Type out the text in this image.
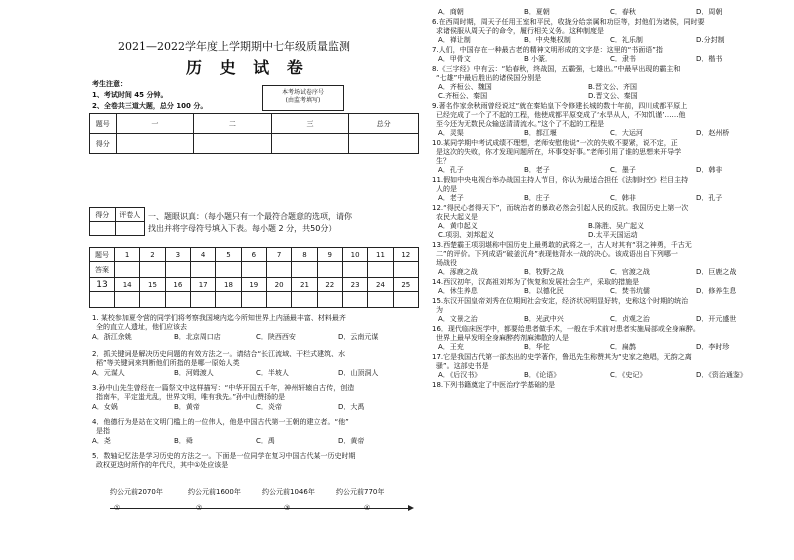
2021—2022学年度上学期期中七年级质量监测
历 史 试 卷
考生注意：
1、考试时间 45 分钟。
2、全卷共三道大题，总分 100 分。
本考场试卷序号
(由监考填写)
题号	一	二	三	总分
得分				
得分	评卷人
	一、题眼识真：（每小题只有一个最符合题意的选项，请你
找出并将字母符号填入下表。每小题 2 分，共50分）
题号	1	2	3	4	5	6	7	8	9	10	11	12
答案												
13	14	15	16	17	18	19	20	21	22	23	24	25

1. 某校参加夏令营的同学们将考察我国境内迄今所知世界上内涵最丰富、材料最齐
全的直立人遗址，他们应该去
A．浙江余姚	B．北京周口店	C．陕西西安	D．云南元谋
2．抓关键词是解决历史问题的有效方法之一。请结合“长江流域、干栏式建筑、水
稻”等关键词来判断他们所指的是哪一原始人类
A．元谋人	B．河姆渡人	C．半坡人	D．山顶洞人
3.孙中山先生曾经在一篇祭文中这样描写：“中华开国五千年，神州轩辕自古传，创造
指南车，平定蚩尤乱，世界文明，唯有我先。”孙中山赞扬的是
A．女娲	B．黄帝	C．炎帝	D．大禹
4．他德行为是站在文明门槛上的一位伟人，他是中国古代第一王朝的建立者。“他”
是指
A．尧	B．舜	C．禹	D．黄帝
5．数轴记忆法是学习历史的方法之一。下面是一位同学在复习中国古代某一历史时期
政权更迭时所作的年代尺，其中①处应该是
约公元前2070年	约公元前1600年	约公元前1046年	约公元前770年
①	②	③	④
A．商朝	B．夏朝	C．春秋	D．周朝
6.在西周时期，周天子任用王室和平民，收拢分给亲属和功臣等，封他们为诸侯，同时要
求诸侯服从周天子的命令，履行相关义务。这种制度是
A．禅让制	B．中央集权制	C．礼乐制	D.分封制
7.人们，中国存在一种最古老的精神文明形成的文字是：这里的“书面语”指
A．甲骨文	B 小篆．	C．隶书	D．楷书
8.《三字经》中有云：“始春秋，终战国，五霸强，七雄出。”中最早出现的霸主和
“七雄”中最后胜出的诸侯国分别是
A．齐桓公、魏国	B.晋文公、齐国
C.齐桓公、秦国	D.晋文公、秦国
9.著名作家余秋雨曾经说过“就在秦始皇下令修建长城的数十年前，四川成都平原上
已经完成了一个了不起的工程，他使成都平原变成了‘水旱从人，不知饥谨’……他
至今还为无数民众输送清清流水。”这个了不起的工程是
A．灵渠	B．都江堰	C．大运河	D．赵州桥
10.某同学期中考试成绩不理想，老师安慰他说“一次的失败不要紧，说不定，正
是这次的失败，你才发现问题所在，坏事变好事。”老师引用了谁的思想来开导学
生？
A．孔子	B．老子	C．墨子	D．韩非
11.假如中央电视台举办战国主持人节目，你认为最适合担任《法制时空》栏目主持
人的是
A．老子	B．庄子	C．韩非	D．孔子
12.“得民心者得天下”，而统治者的暴政必然会引起人民的反抗。我国历史上第一次
农民大起义是
A．黄巾起义	B.陈胜、吴广起义
C.项羽、刘邦起义	D.太平天国运动
13.西楚霸王项羽堪称中国历史上最勇敢的武将之一，古人对其有“羽之神勇，千古无
二”的评价。下列成语“破釜沉舟”表现他背水一战的决心。该成语出自下列哪一
场战役
A．涿鹿之战	B．牧野之战	C．官渡之战	D．巨鹿之战
14.西汉初年，汉高祖刘邦为了恢复和发展社会生产，采取的措施是
A．休生养息	B．以德化民	C．焚书坑儒	D．修养生息
15.东汉开国皇帝刘秀在位期间社会安定，经济状况明显好转，史称这个时期的统治
为
A．文景之治	B．光武中兴	C．贞观之治	D．开元盛世
16．现代临床医学中，都要给患者做手术，一般在手术前对患者实施局部或全身麻醉。
世界上最早发明全身麻醉药剂麻沸散的人是
A．王充	B．华佗	C．扁鹊	D．李时珍
17.它是我国古代第一部杰出的史学著作，鲁迅先生称赞其为“史家之绝唱，无韵之离
骚”。这部史书是
A．《后汉书》	B．《论语》	C．《史记》	D．《资治通鉴》
18.下列书籍奠定了中医治疗学基础的是
